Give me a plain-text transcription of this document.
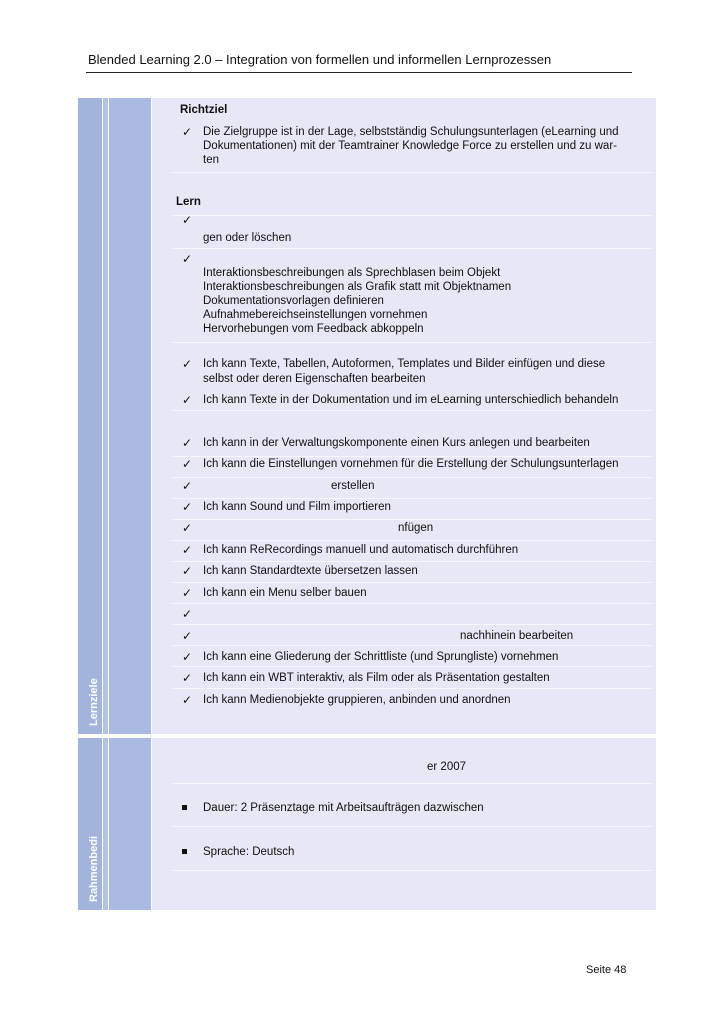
Blended Learning 2.0 – Integration von formellen und informellen Lernprozessen
Lernziele
Rahmenbedi
Richtziel
✓ Die Zielgruppe ist in der Lage, selbstständig Schulungsunterlagen (eLearning und
Dokumentationen) mit der Teamtrainer Knowledge Force zu erstellen und zu war-
ten
Lern
✓
gen oder löschen
✓
Interaktionsbeschreibungen als Sprechblasen beim Objekt
Interaktionsbeschreibungen als Grafik statt mit Objektnamen
Dokumentationsvorlagen definieren
Aufnahmebereichseinstellungen vornehmen
Hervorhebungen vom Feedback abkoppeln
✓ Ich kann Texte, Tabellen, Autoformen, Templates und Bilder einfügen und diese
selbst oder deren Eigenschaften bearbeiten
✓ Ich kann Texte in der Dokumentation und im eLearning unterschiedlich behandeln
✓ Ich kann in der Verwaltungskomponente einen Kurs anlegen und bearbeiten
✓ Ich kann die Einstellungen vornehmen für die Erstellung der Schulungsunterlagen
✓	erstellen
✓ Ich kann Sound und Film importieren
✓	nfügen
✓ Ich kann ReRecordings manuell und automatisch durchführen
✓ Ich kann Standardtexte übersetzen lassen
✓ Ich kann ein Menu selber bauen
✓
✓	nachhinein bearbeiten
✓ Ich kann eine Gliederung der Schrittliste (und Sprungliste) vornehmen
✓ Ich kann ein WBT interaktiv, als Film oder als Präsentation gestalten
✓ Ich kann Medienobjekte gruppieren, anbinden und anordnen
er 2007
Dauer: 2 Präsenztage mit Arbeitsaufträgen dazwischen
Sprache: Deutsch
Seite 48
